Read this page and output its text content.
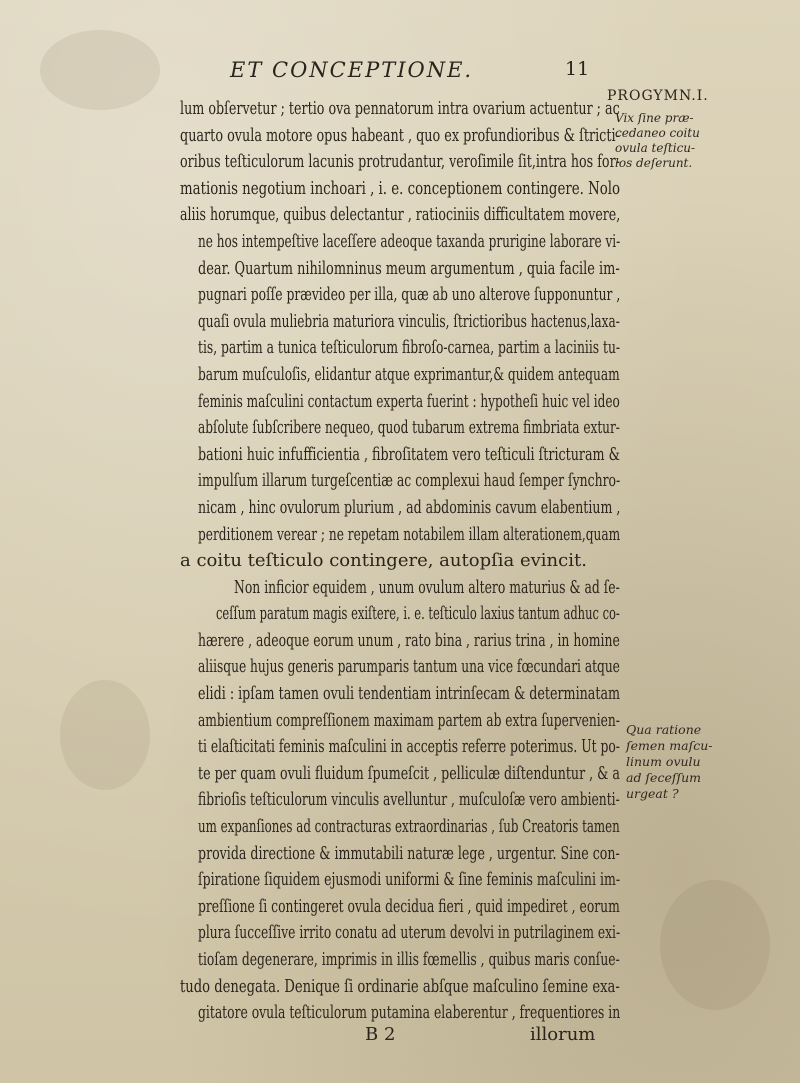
ET CONCEPTIONE.	11
PROGYMN.I.
lum obſervetur ; tertio ova pennatorum intra ovarium actuentur ; ac
quarto ovula motore opus habeant , quo ex profundioribus & ſtricti-
oribus teſticulorum lacunis protrudantur, veroſimile ſit,intra hos for-
mationis negotium inchoari , i. e. conceptionem contingere. Nolo
aliis horumque, quibus delectantur , ratiociniis difficultatem movere,
ne hos intempeſtive laceſſere adeoque taxanda prurigine laborare vi-
dear. Quartum nihilomninus meum argumentum , quia facile im-
pugnari poſſe prævideo per illa, quæ ab uno alterove ſupponuntur ,
quaſi ovula muliebria maturiora vinculis, ſtrictioribus hactenus,laxa-
tis, partim a tunica teſticulorum fibroſo-carnea, partim a laciniis tu-
barum muſculoſis, elidantur atque exprimantur,& quidem antequam
feminis maſculini contactum experta fuerint : hypotheſi huic vel ideo
abſolute ſubſcribere nequeo, quod tubarum extrema fimbriata extur-
bationi huic infufficientia , fibroſitatem vero teſticuli ſtricturam &
impulſum illarum turgeſcentiæ ac complexui haud ſemper ſynchro-
nicam , hinc ovulorum plurium , ad abdominis cavum elabentium ,
perditionem verear ; ne repetam notabilem illam alterationem,quam
a coitu teſticulo contingere, autopſia evincit.
Non inficior equidem , unum ovulum altero maturius & ad ſe-
ceſſum paratum magis exiſtere, i. e. teſticulo laxius tantum adhuc co-
hærere , adeoque eorum unum , rato bina , rarius trina , in homine
aliisque hujus generis parumparis tantum una vice fœcundari atque
elidi : ipſam tamen ovuli tendentiam intrinſecam & determinatam
ambientium compreſſionem maximam partem ab extra ſupervenien-
ti elaſticitati feminis maſculini in acceptis referre poterimus. Ut po-
te per quam ovuli fluidum ſpumeſcit , pelliculæ diſtenduntur , & a
fibrioſis teſticulorum vinculis avelluntur , muſculoſæ vero ambienti-
um expanſiones ad contracturas extraordinarias , ſub Creatoris tamen
provida directione & immutabili naturæ lege , urgentur. Sine con-
ſpiratione ſiquidem ejusmodi uniformi & ſine feminis maſculini im-
preſſione ſi contingeret ovula decidua fieri , quid impediret , eorum
plura ſucceſſive irrito conatu ad uterum devolvi in putrilaginem exi-
tioſam degenerare, imprimis in illis fœmellis , quibus maris conſue-
tudo denegata. Denique ſi ordinarie abſque maſculino ſemine exa-
gitatore ovula teſticulorum putamina elaberentur , frequentiores in
Vix ſine præ-
cedaneo coitu
ovula teſticu-
los deſerunt.
Qua ratione
ſemen maſcu-
linum ovulu
ad ſeceſſum
urgeat ?
B 2	illorum
